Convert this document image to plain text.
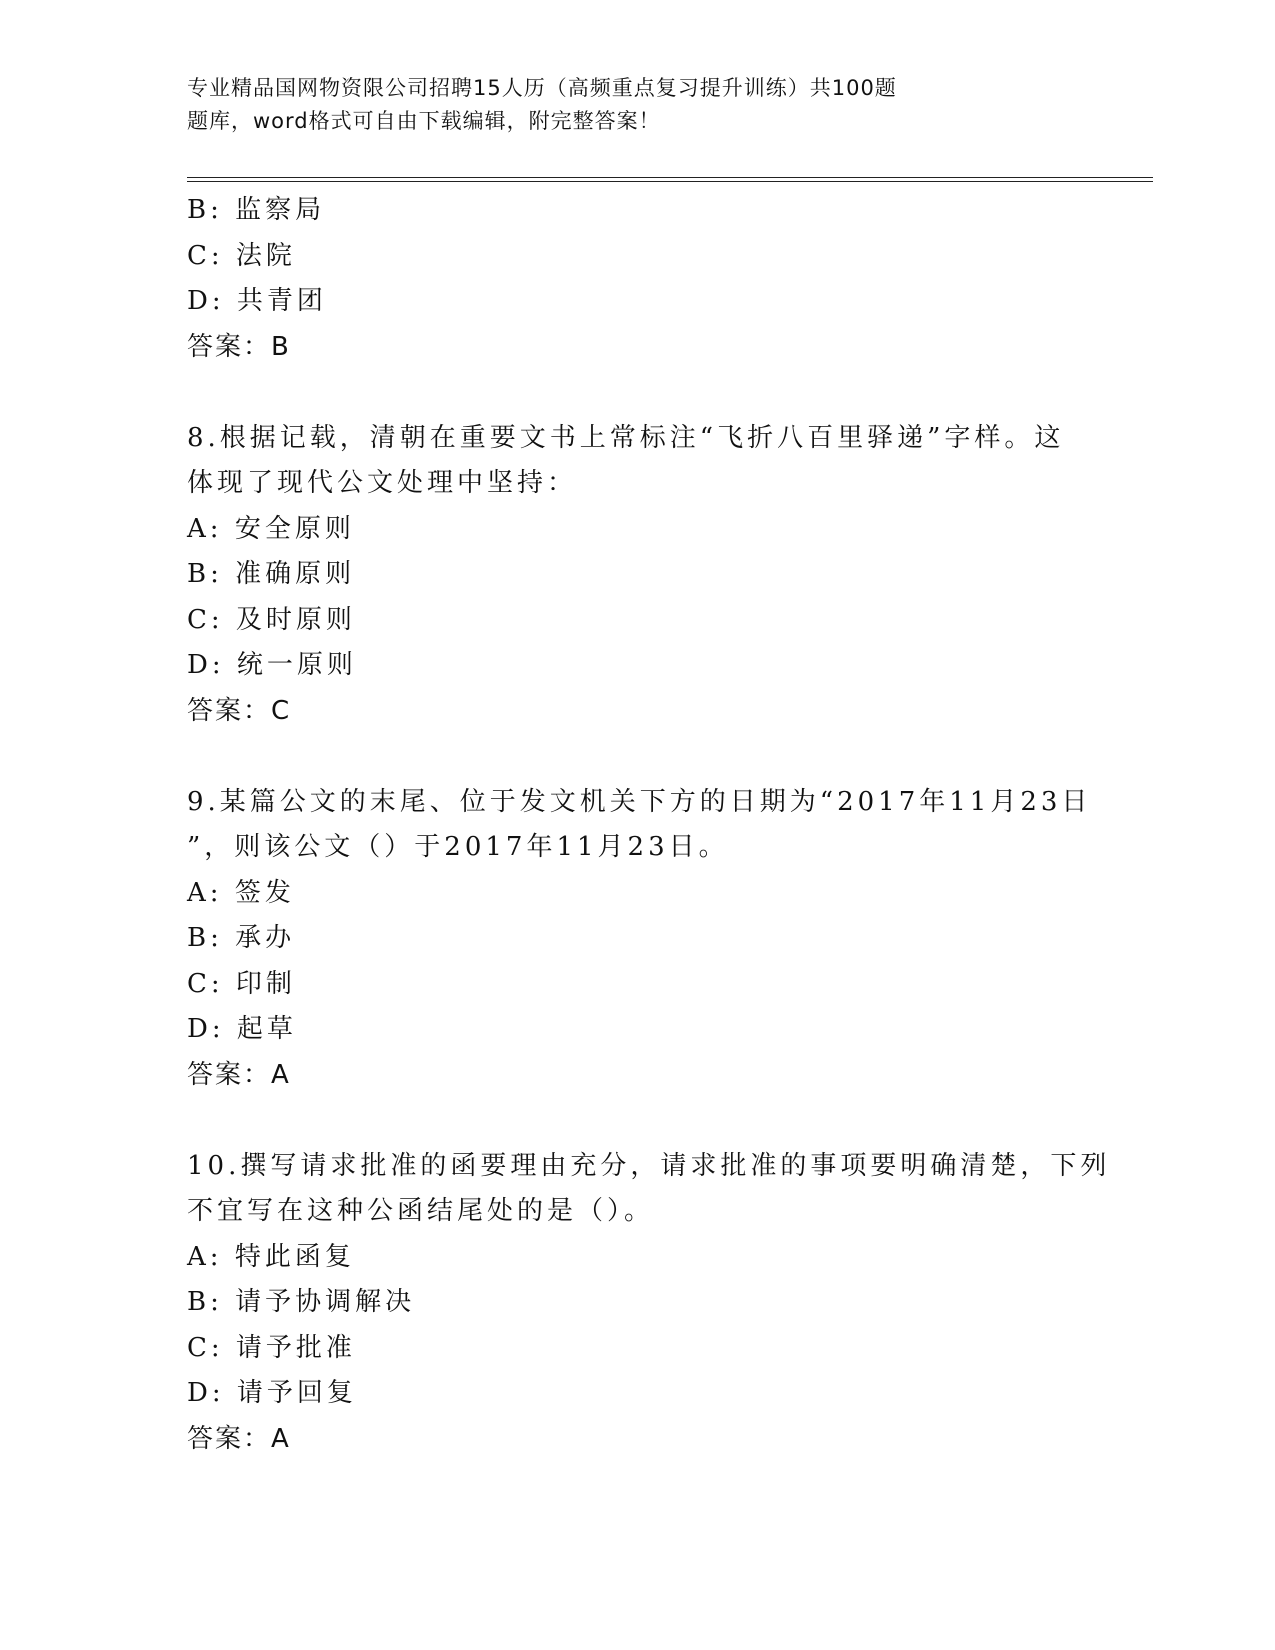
专业精品国网物资限公司招聘15人历（高频重点复习提升训练）共100题
题库，word格式可自由下载编辑，附完整答案！
B: 监察局
C: 法院
D: 共青团
答案：B
8.根据记载，清朝在重要文书上常标注“飞折八百里驿递”字样。这
体现了现代公文处理中坚持：
A: 安全原则
B: 准确原则
C: 及时原则
D: 统一原则
答案：C
9.某篇公文的末尾、位于发文机关下方的日期为“2017年11月23日
”，则该公文（）于2017年11月23日。
A: 签发
B: 承办
C: 印制
D: 起草
答案：A
10.撰写请求批准的函要理由充分，请求批准的事项要明确清楚，下列
不宜写在这种公函结尾处的是（）。
A: 特此函复
B: 请予协调解决
C: 请予批准
D: 请予回复
答案：A
